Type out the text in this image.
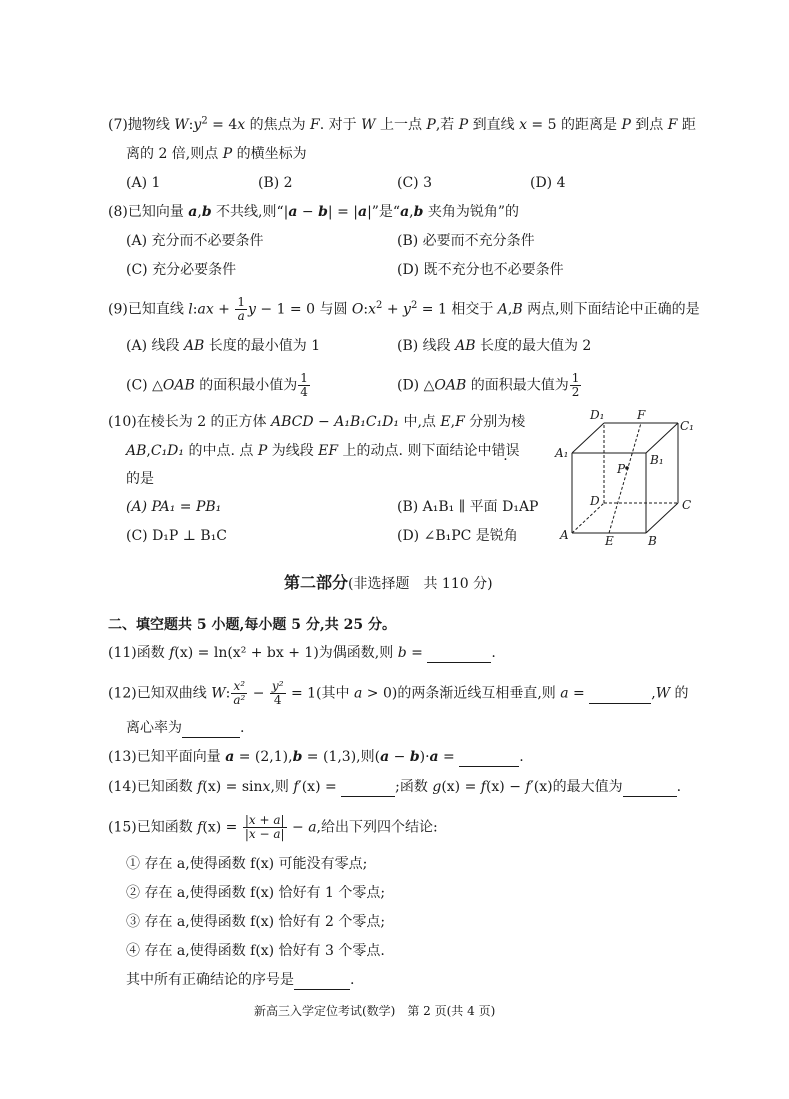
(7)抛物线 $W:y^2 = 4x$ 的焦点为 F. 对于 W 上一点 P,若 P 到直线 x = 5 的距离是 P 到点 F 距
离的 2 倍,则点 P 的横坐标为
(A) 1	(B) 2	(C) 3	(D) 4
(8)已知向量 a,b 不共线,则“|a − b| = |a|”是“a,b 夹角为锐角”的
(A) 充分而不必要条件	(B) 必要而不充分条件
(C) 充分必要条件	(D) 既不充分也不必要条件
(9)已知直线 l:ax + $\frac{1}{a}$ y − 1 = 0 与圆 $O:x^2 + y^2 = 1$ 相交于 A,B 两点,则下面结论中正确的是
(A) 线段 AB 长度的最小值为 1	(B) 线段 AB 长度的最大值为 2
(C) △OAB 的面积最小值为 $\frac{1}{4}$	(D) △OAB 的面积最大值为 $\frac{1}{2}$
(10)在棱长为 2 的正方体 ABCD − A₁B₁C₁D₁ 中,点 E,F 分别为棱
AB,C₁D₁ 的中点. 点 P 为线段 EF 上的动点. 则下面结论中错误
的是
(A) PA₁ = PB₁	(B) A₁B₁ ∥ 平面 D₁AP
(C) D₁P ⊥ B₁C	(D) ∠B₁PC 是锐角
D₁	F
C₁
A₁
P
B₁
D	C
A	E	B
第二部分(非选择题　共 110 分)
二、填空题共 5 小题,每小题 5 分,共 25 分。
(11)函数 f(x) = ln(x² + bx + 1)为偶函数,则 b =	.
(12)已知双曲线 W: $\frac{\text{x²}}{\text{a²}} - \frac{\text{y²}}{4} = 1$(其中 a > 0)的两条渐近线互相垂直,则 a =	,W 的
离心率为	.
(13)已知平面向量 a = (2,1),b = (1,3),则(a − b)·a =	.
(14)已知函数 f(x) = sinx,则 f′(x) =	;函数 g(x) = f(x) − f′(x)的最大值为	.
(15)已知函数 $f(x) = \frac{|x + a|}{|x - a|} - a$,给出下列四个结论:
① 存在 a,使得函数 f(x) 可能没有零点;
② 存在 a,使得函数 f(x) 恰好有 1 个零点;
③ 存在 a,使得函数 f(x) 恰好有 2 个零点;
④ 存在 a,使得函数 f(x) 恰好有 3 个零点.
其中所有正确结论的序号是	.
新高三入学定位考试(数学)　第 2 页(共 4 页)
